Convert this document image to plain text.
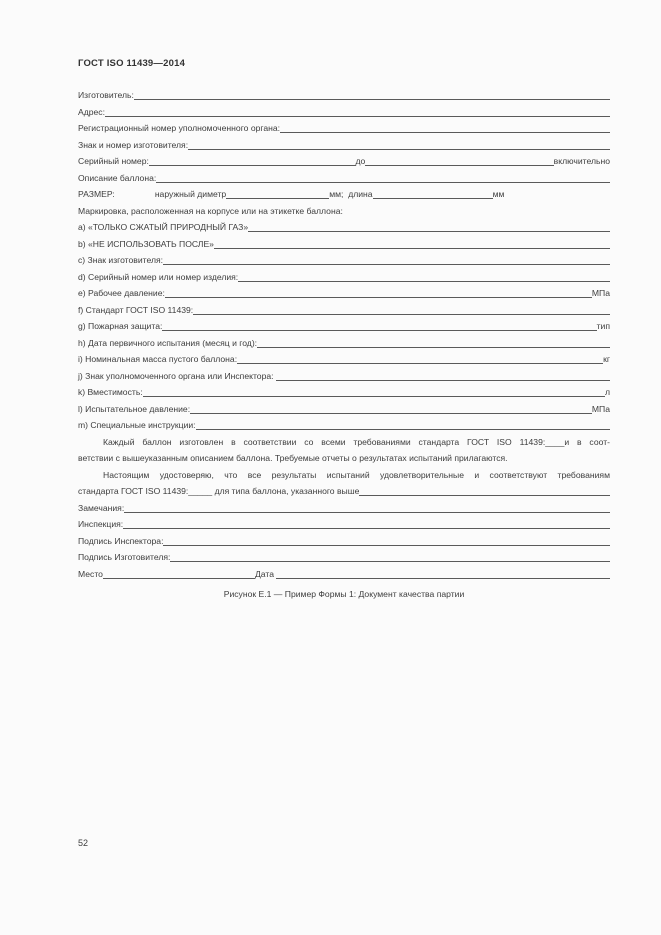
ГОСТ ISO 11439—2014
Изготовитель:
Адрес:
Регистрационный номер уполномоченного органа:
Знак и номер изготовителя:
Серийный номер:	до	включительно
Описание баллона:
РАЗМЕР:	наружный диметр	мм;  длина	мм
Маркировка, расположенная на корпусе или на этикетке баллона:
a) «ТОЛЬКО СЖАТЫЙ ПРИРОДНЫЙ ГАЗ»
b) «НЕ ИСПОЛЬЗОВАТЬ ПОСЛЕ»
c) Знак изготовителя:
d) Серийный номер или номер изделия:
e) Рабочее давление:	МПа
f) Стандарт ГОСТ ISO 11439:
g) Пожарная защита:	тип
h) Дата первичного испытания (месяц и год):
i) Номинальная масса пустого баллона:	кг
j) Знак уполномоченного органа или Инспектора:
k) Вместимость:	л
l) Испытательное давление:	МПа
m) Специальные инструкции:
Каждый баллон изготовлен в соответствии со всеми требованиями стандарта ГОСТ ISO 11439:____и в соот-
ветствии с вышеуказанным описанием баллона. Требуемые отчеты о результатах испытаний прилагаются.
Настоящим удостоверяю, что все результаты испытаний удовлетворительные и соответствуют требованиям
стандарта ГОСТ ISO 11439:_____ для типа баллона, указанного выше
Замечания:
Инспекция:
Подпись Инспектора:
Подпись Изготовителя:
Место	Дата
Рисунок Е.1 — Пример Формы 1: Документ качества партии
52
